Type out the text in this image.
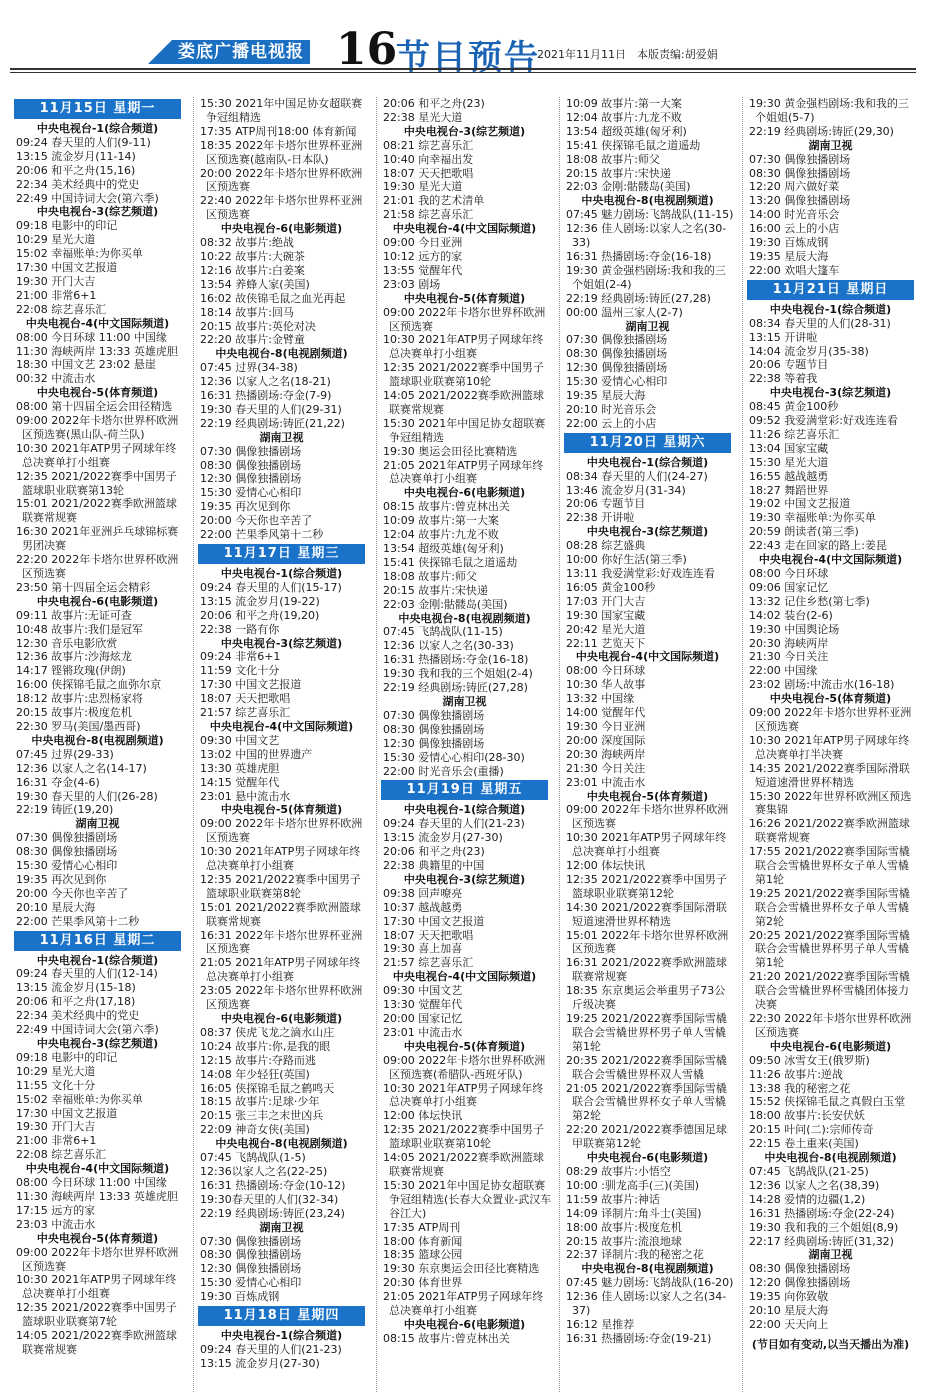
娄底广播电视报 16
节目预告
2021年11月11日　本版责编:胡爱娟
11月15日 星期一
中央电视台-1(综合频道)
09:24 春天里的人们(9-11)
13:15 流金岁月(11-14)
20:06 和平之舟(15,16)
22:34 美术经典中的党史
22:49 中国诗词大会(第六季)
中央电视台-3(综艺频道)
09:18 电影中的印记
10:29 星光大道
15:02 幸福账单:为你买单
17:30 中国文艺报道
19:30 开门大吉
21:00 非常6+1
22:08 综艺喜乐汇
中央电视台-4(中文国际频道)
08:00 今日环球 11:00 中国缘
11:30 海峡两岸 13:33 英雄虎胆
18:30 中国文艺 23:02 悬崖
00:32 中流击水
中央电视台-5(体育频道)
08:00 第十四届全运会田径精选
09:00 2022年卡塔尔世界杯欧洲区预选赛(黑山队-荷兰队)
10:30 2021年ATP男子网球年终总决赛单打小组赛
12:35 2021/2022赛季中国男子篮球职业联赛第13轮
15:01 2021/2022赛季欧洲篮球联赛常规赛
16:30 2021年亚洲乒乓球锦标赛男团决赛
22:20 2022年卡塔尔世界杯欧洲区预选赛
23:50 第十四届全运会精彩
中央电视台-6(电影频道)
09:11 故事片:无证可查
10:48 故事片:我们是冠军
12:30 音乐电影欣赏
12:36 故事片:沙海炫龙
14:17 铿锵玫瑰(伊朗)
16:00 侠探锦毛鼠之血弥尔京
18:12 故事片:忠烈杨家将
20:15 故事片:极度危机
22:30 罗马(美国/墨西哥)
中央电视台-8(电视剧频道)
07:45 过界(29-33)
12:36 以家人之名(14-17)
16:31 夺金(4-6)
19:30 春天里的人们(26-28)
22:19 铸匠(19,20)
湖南卫视
07:30 偶像独播剧场
08:30 偶像独播剧场
15:30 爱情心心相印
19:35 再次见到你
20:00 今天你也辛苦了
20:10 星辰大海
22:00 芒果季风第十二秒
11月16日 星期二
中央电视台-1(综合频道)
09:24 春天里的人们(12-14)
13:15 流金岁月(15-18)
20:06 和平之舟(17,18)
22:34 美术经典中的党史
22:49 中国诗词大会(第六季)
中央电视台-3(综艺频道)
09:18 电影中的印记
10:29 星光大道
11:55 文化十分
15:02 幸福账单:为你买单
17:30 中国文艺报道
19:30 开门大吉
21:00 非常6+1
22:08 综艺喜乐汇
中央电视台-4(中文国际频道)
08:00 今日环球 11:00 中国缘
11:30 海峡两岸 13:33 英雄虎胆
17:15 远方的家
23:03 中流击水
中央电视台-5(体育频道)
09:00 2022年卡塔尔世界杯欧洲区预选赛
10:30 2021年ATP男子网球年终总决赛单打小组赛
12:35 2021/2022赛季中国男子篮球职业联赛第7轮
14:05 2021/2022赛季欧洲篮球联赛常规赛
15:30 2021年中国足协女超联赛争冠组精选
17:35 ATP周刊18:00 体育新闻
18:35 2022年卡塔尔世界杯亚洲区预选赛(越南队-日本队)
20:00 2022年卡塔尔世界杯欧洲区预选赛
22:40 2022年卡塔尔世界杯亚洲区预选赛
中央电视台-6(电影频道)
08:32 故事片:绝战
10:22 故事片:大碗茶
12:16 故事片:白姜案
13:54 养蜂人家(美国)
16:02 故侠锦毛鼠之血光再起
18:14 故事片:回马
20:15 故事片:英伦对决
22:20 故事片:金臂童
中央电视台-8(电视剧频道)
07:45 过界(34-38)
12:36 以家人之名(18-21)
16:31 热播剧场:夺金(7-9)
19:30 春天里的人们(29-31)
22:19 经典剧场:铸匠(21,22)
湖南卫视
07:30 偶像独播剧场
08:30 偶像独播剧场
12:30 偶像独播剧场
15:30 爱情心心相印
19:35 再次见到你
20:00 今天你也辛苦了
22:00 芒果季风第十二秒
11月17日 星期三
中央电视台-1(综合频道)
09:24 春天里的人们(15-17)
13:15 流金岁月(19-22)
20:06 和平之舟(19,20)
22:38 一路有你
中央电视台-3(综艺频道)
09:24 非常6+1
11:59 文化十分
17:30 中国文艺报道
18:07 天天把歌唱
21:57 综艺喜乐汇
中央电视台-4(中文国际频道)
09:30 中国文艺
13:02 中国的世界遗产
13:30 英雄虎胆
14:15 觉醒年代
23:01 悬中流击水
中央电视台-5(体育频道)
09:00 2022年卡塔尔世界杯欧洲区预选赛
10:30 2021年ATP男子网球年终总决赛单打小组赛
12:35 2021/2022赛季中国男子篮球职业联赛第8轮
15:01 2021/2022赛季欧洲篮球联赛常规赛
16:31 2022年卡塔尔世界杯亚洲区预选赛
21:05 2021年ATP男子网球年终总决赛单打小组赛
23:05 2022年卡塔尔世界杯欧洲区预选赛
中央电视台-6(电影频道)
08:37 侠虎飞龙之滴水山庄
10:24 故事片:你,是我的眼
12:15 故事片:夺路而逃
14:08 年少轻狂(英国)
16:05 侠探锦毛鼠之鹤鸣天
18:15 故事片:足球·少年
20:15 张三丰之末世凶兵
22:09 神奇女侠(美国)
中央电视台-8(电视剧频道)
07:45 飞鹄战队(1-5)
12:36以家人之名(22-25)
16:31 热播剧场:夺金(10-12)
19:30春天里的人们(32-34)
22:19 经典剧场:铸匠(23,24)
湖南卫视
07:30 偶像独播剧场
08:30 偶像独播剧场
12:30 偶像独播剧场
15:30 爱情心心相印
19:30 百炼成钢
11月18日 星期四
中央电视台-1(综合频道)
09:24 春天里的人们(21-23)
13:15 流金岁月(27-30)
20:06 和平之舟(23)
22:38 星光大道
中央电视台-3(综艺频道)
08:21 综艺喜乐汇
10:40 向幸福出发
18:07 天天把歌唱
19:30 星光大道
21:01 我的艺术清单
21:58 综艺喜乐汇
中央电视台-4(中文国际频道)
09:00 今日亚洲
10:12 远方的家
13:55 觉醒年代
23:03 剧场
中央电视台-5(体育频道)
09:00 2022年卡塔尔世界杯欧洲区预选赛
10:30 2021年ATP男子网球年终总决赛单打小组赛
12:35 2021/2022赛季中国男子篮球职业联赛第10轮
14:05 2021/2022赛季欧洲篮球联赛常规赛
15:30 2021年中国足协女超联赛争冠组精选
19:30 奥运会田径比赛精选
21:05 2021年ATP男子网球年终总决赛单打小组赛
中央电视台-6(电影频道)
08:15 故事片:曾克林出关
10:09 故事片:第一大案
12:04 故事片:九龙不败
13:54 超级英雄(匈牙利)
15:41 侠探锦毛鼠之道遥劫
18:08 故事片:师父
20:15 故事片:宋快递
22:03 金刚:骷髅岛(美国)
中央电视台-8(电视剧频道)
07:45 飞鹄战队(11-15)
12:36 以家人之名(30-33)
16:31 热播剧场:夺金(16-18)
19:30 我和我的三个姐姐(2-4)
22:19 经典剧场:铸匠(27,28)
湖南卫视
07:30 偶像独播剧场
08:30 偶像独播剧场
12:30 偶像独播剧场
15:30 爱情心心相印(28-30)
22:00 时光音乐会(重播)
11月19日 星期五
中央电视台-1(综合频道)
09:24 春天里的人们(21-23)
13:15 流金岁月(27-30)
20:06 和平之舟(23)
22:38 典籍里的中国
中央电视台-3(综艺频道)
09:38 回声嘹亮
10:37 越战越勇
17:30 中国文艺报道
18:07 天天把歌唱
19:30 喜上加喜
21:57 综艺喜乐汇
中央电视台-4(中文国际频道)
09:30 中国文艺
13:30 觉醒年代
20:00 国家记忆
23:01 中流击水
中央电视台-5(体育频道)
09:00 2022年卡塔尔世界杯欧洲区预选赛(希腊队-西班牙队)
10:30 2021年ATP男子网球年终总决赛单打小组赛
12:00 体坛快讯
12:35 2021/2022赛季中国男子篮球职业联赛第10轮
14:05 2021/2022赛季欧洲篮球联赛常规赛
15:30 2021年中国足协女超联赛争冠组精选(长春大众置业-武汉车谷江大)
17:35 ATP周刊
18:00 体育新闻
18:35 篮球公园
19:30 东京奥运会田径比赛精选
20:30 体育世界
21:05 2021年ATP男子网球年终总决赛单打小组赛
中央电视台-6(电影频道)
08:15 故事片:曾克林出关
10:09 故事片:第一大案
12:04 故事片:九龙不败
13:54 超级英雄(匈牙利)
15:41 侠探锦毛鼠之道遥劫
18:08 故事片:师父
20:15 故事片:宋快递
22:03 金刚:骷髅岛(美国)
中央电视台-8(电视剧频道)
07:45 魅力剧场:飞鹄战队(11-15)
12:36 佳人剧场:以家人之名(30-33)
16:31 热播剧场:夺金(16-18)
19:30 黄金强档剧场:我和我的三个姐姐(2-4)
22:19 经典剧场:铸匠(27,28)
00:00 温州三家人(2-7)
湖南卫视
07:30 偶像独播剧场
08:30 偶像独播剧场
12:30 偶像独播剧场
15:30 爱情心心相印
19:35 星辰大海
20:10 时光音乐会
22:00 云上的小店
11月20日 星期六
中央电视台-1(综合频道)
08:34 春天里的人们(24-27)
13:46 流金岁月(31-34)
20:06 专题节目
22:38 开讲啦
中央电视台-3(综艺频道)
08:28 综艺盛典
10:00 你好生活(第三季)
13:11 我爱满堂彩:好戏连连看
16:05 黄金100秒
17:03 开门大吉
19:30 国家宝藏
20:42 星光大道
22:11 艺览天下
中央电视台-4(中文国际频道)
08:00 今日环球
10:30 华人故事
13:32 中国缘
14:00 觉醒年代
19:30 今日亚洲
20:00 深度国际
20:30 海峡两岸
21:30 今日关注
23:01 中流击水
中央电视台-5(体育频道)
09:00 2022年卡塔尔世界杯欧洲区预选赛
10:30 2021年ATP男子网球年终总决赛单打小组赛
12:00 体坛快讯
12:35 2021/2022赛季中国男子篮球职业联赛第12轮
14:30 2021/2022赛季国际滑联短道速滑世界杯精选
15:01 2022年卡塔尔世界杯欧洲区预选赛
16:31 2021/2022赛季欧洲篮球联赛常规赛
18:35 东京奥运会举重男子73公斤级决赛
19:25 2021/2022赛季国际雪橇联合会雪橇世界杯男子单人雪橇第1轮
20:35 2021/2022赛季国际雪橇联合会雪橇世界杯双人雪橇
21:05 2021/2022赛季国际雪橇联合会雪橇世界杯女子单人雪橇第2轮
22:20 2021/2022赛季德国足球甲联赛第12轮
中央电视台-6(电影频道)
08:29 故事片:小悟空
10:00 :驯龙高手(三)(美国)
11:59 故事片:神话
14:09 译制片:角斗士(美国)
18:00 故事片:极度危机
20:15 故事片:流浪地球
22:37 译制片:我的秘密之花
中央电视台-8(电视剧频道)
07:45 魅力剧场:飞鹄战队(16-20)
12:36 佳人剧场:以家人之名(34-37)
16:12 星推荐
16:31 热播剧场:夺金(19-21)
19:30 黄金强档剧场:我和我的三个姐姐(5-7)
22:19 经典剧场:铸匠(29,30)
湖南卫视
07:30 偶像独播剧场
08:30 偶像独播剧场
12:20 周六做好菜
13:20 偶像独播剧场
14:00 时光音乐会
16:00 云上的小店
19:30 百炼成钢
19:35 星辰大海
22:00 欢唱大篷车
11月21日 星期日
中央电视台-1(综合频道)
08:34 春天里的人们(28-31)
13:15 开讲啦
14:04 流金岁月(35-38)
20:06 专题节目
22:38 等着我
中央电视台-3(综艺频道)
08:45 黄金100秒
09:52 我爱满堂彩:好戏连连看
11:26 综艺喜乐汇
13:04 国家宝藏
15:30 星光大道
16:55 越战越勇
18:27 舞蹈世界
19:02 中国文艺报道
19:30 幸福账单:为你买单
20:59 朗读者(第三季)
22:43 走在回家的路上:姜昆
中央电视台-4(中文国际频道)
08:00 今日环球
09:06 国家记忆
13:32 记住乡愁(第七季)
14:02 装台(2-6)
19:30 中国舆论场
20:30 海峡两岸
21:30 今日关注
22:00 中国缘
23:02 剧场:中流击水(16-18)
中央电视台-5(体育频道)
09:00 2022年卡塔尔世界杯亚洲区预选赛
10:30 2021年ATP男子网球年终总决赛单打半决赛
14:35 2021/2022赛季国际滑联短道速滑世界杯精选
15:30 2022年世界杯欧洲区预选赛集锦
16:26 2021/2022赛季欧洲篮球联赛常规赛
17:55 2021/2022赛季国际雪橇联合会雪橇世界杯女子单人雪橇第1轮
19:25 2021/2022赛季国际雪橇联合会雪橇世界杯女子单人雪橇第2轮
20:25 2021/2022赛季国际雪橇联合会雪橇世界杯男子单人雪橇第1轮
21:20 2021/2022赛季国际雪橇联合会雪橇世界杯雪橇团体接力决赛
22:30 2022年卡塔尔世界杯欧洲区预选赛
中央电视台-6(电影频道)
09:50 冰雪女王(俄罗斯)
11:26 故事片:逆战
13:38 我的秘密之花
15:52 侠探锦毛鼠之真假白玉堂
18:00 故事片:长安伏妖
20:15 叶问(二):宗师传奇
22:15 卷土重来(美国)
中央电视台-8(电视剧频道)
07:45 飞鹄战队(21-25)
12:36 以家人之名(38,39)
14:28 爱情的边疆(1,2)
16:31 热播剧场:夺金(22-24)
19:30 我和我的三个姐姐(8,9)
22:17 经典剧场:铸匠(31,32)
湖南卫视
08:30 偶像独播剧场
12:20 偶像独播剧场
19:35 向你致敬
20:10 星辰大海
22:00 天天向上
(节目如有变动,以当天播出为准)
